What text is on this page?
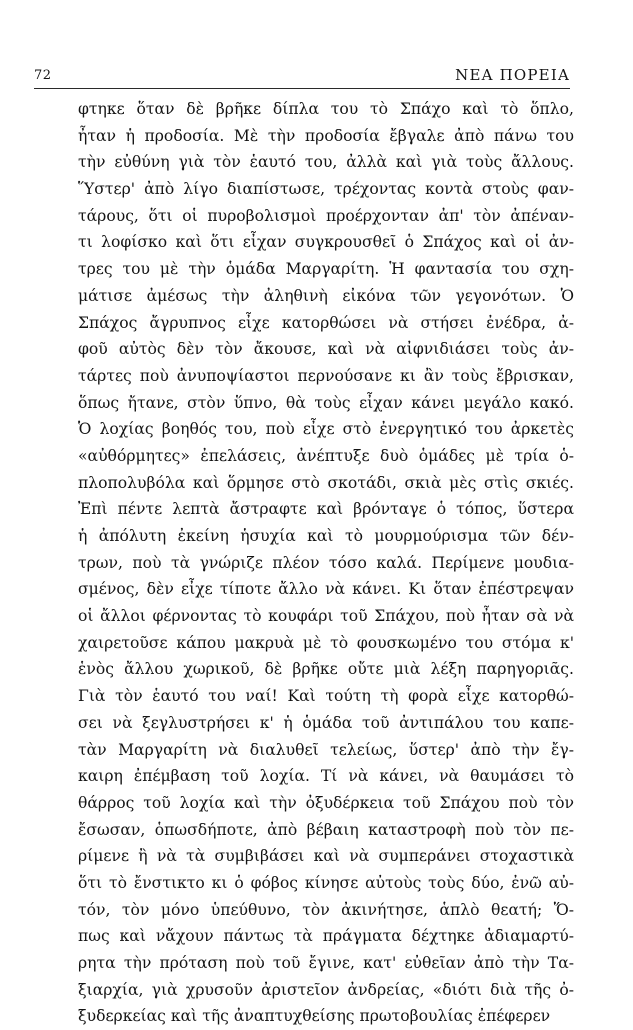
72	ΝΕΑ ΠΟΡΕΙΑ
φτηκε ὅταν δὲ βρῆκε δίπλα του τὸ Σπάχο καὶ τὸ ὅπλο,
ἦταν ἡ προδοσία. Μὲ τὴν προδοσία ἔβγαλε ἀπὸ πάνω του
τὴν εὐθύνη γιὰ τὸν ἑαυτό του, ἀλλὰ καὶ γιὰ τοὺς ἄλλους.
Ὕστερ' ἀπὸ λίγο διαπίστωσε, τρέχοντας κοντὰ στοὺς φαν-
τάρους, ὅτι οἱ πυροβολισμοὶ προέρχονταν ἀπ' τὸν ἀπέναν-
τι λοφίσκο καὶ ὅτι εἶχαν συγκρουσθεῖ ὁ Σπάχος καὶ οἱ ἀν-
τρες του μὲ τὴν ὁμάδα Μαργαρίτη. Ἡ φαντασία του σχη-
μάτισε ἀμέσως τὴν ἀληθινὴ εἰκόνα τῶν γεγονότων. Ὁ
Σπάχος ἄγρυπνος εἶχε κατορθώσει νὰ στήσει ἐνέδρα, ἀ-
φοῦ αὐτὸς δὲν τὸν ἄκουσε, καὶ νὰ αἰφνιδιάσει τοὺς ἀν-
τάρτες ποὺ ἀνυποψίαστοι περνούσανε κι ἂν τοὺς ἔβρισκαν,
ὅπως ἤτανε, στὸν ὕπνο, θὰ τοὺς εἶχαν κάνει μεγάλο κακό.
Ὁ λοχίας βοηθός του, ποὺ εἶχε στὸ ἐνεργητικό του ἀρκετὲς
«αὐθόρμητες» ἐπελάσεις, ἀνέπτυξε δυὸ ὁμάδες μὲ τρία ὁ-
πλοπολυβόλα καὶ ὅρμησε στὸ σκοτάδι, σκιὰ μὲς στὶς σκιές.
Ἐπὶ πέντε λεπτὰ ἄστραφτε καὶ βρόνταγε ὁ τόπος, ὕστερα
ἡ ἀπόλυτη ἐκείνη ἡσυχία καὶ τὸ μουρμούρισμα τῶν δέν-
τρων, ποὺ τὰ γνώριζε πλέον τόσο καλά. Περίμενε μουδια-
σμένος, δὲν εἶχε τίποτε ἄλλο νὰ κάνει. Κι ὅταν ἐπέστρεψαν
οἱ ἄλλοι φέρνοντας τὸ κουφάρι τοῦ Σπάχου, ποὺ ἦταν σὰ νὰ
χαιρετοῦσε κάπου μακρυὰ μὲ τὸ φουσκωμένο του στόμα κ'
ἑνὸς ἄλλου χωρικοῦ, δὲ βρῆκε οὔτε μιὰ λέξη παρηγοριᾶς.
Γιὰ τὸν ἑαυτό του ναί! Καὶ τούτη τὴ φορὰ εἶχε κατορθώ-
σει νὰ ξεγλυστρήσει κ' ἡ ὁμάδα τοῦ ἀντιπάλου του καπε-
τὰν Μαργαρίτη νὰ διαλυθεῖ τελείως, ὕστερ' ἀπὸ τὴν ἔγ-
καιρη ἐπέμβαση τοῦ λοχία. Τί νὰ κάνει, νὰ θαυμάσει τὸ
θάρρος τοῦ λοχία καὶ τὴν ὀξυδέρκεια τοῦ Σπάχου ποὺ τὸν
ἔσωσαν, ὁπωσδήποτε, ἀπὸ βέβαιη καταστροφὴ ποὺ τὸν πε-
ρίμενε ἢ νὰ τὰ συμβιβάσει καὶ νὰ συμπεράνει στοχαστικὰ
ὅτι τὸ ἔνστικτο κι ὁ φόβος κίνησε αὐτοὺς τοὺς δύο, ἐνῶ αὐ-
τόν, τὸν μόνο ὑπεύθυνο, τὸν ἀκινήτησε, ἁπλὸ θεατή; Ὅ-
πως καὶ νἄχουν πάντως τὰ πράγματα δέχτηκε ἀδιαμαρτύ-
ρητα τὴν πρόταση ποὺ τοῦ ἔγινε, κατ' εὐθεῖαν ἀπὸ τὴν Τα-
ξιαρχία, γιὰ χρυσοῦν ἀριστεῖον ἀνδρείας, «διότι διὰ τῆς ὀ-
ξυδερκείας καὶ τῆς ἀναπτυχθείσης πρωτοβουλίας ἐπέφερεν
